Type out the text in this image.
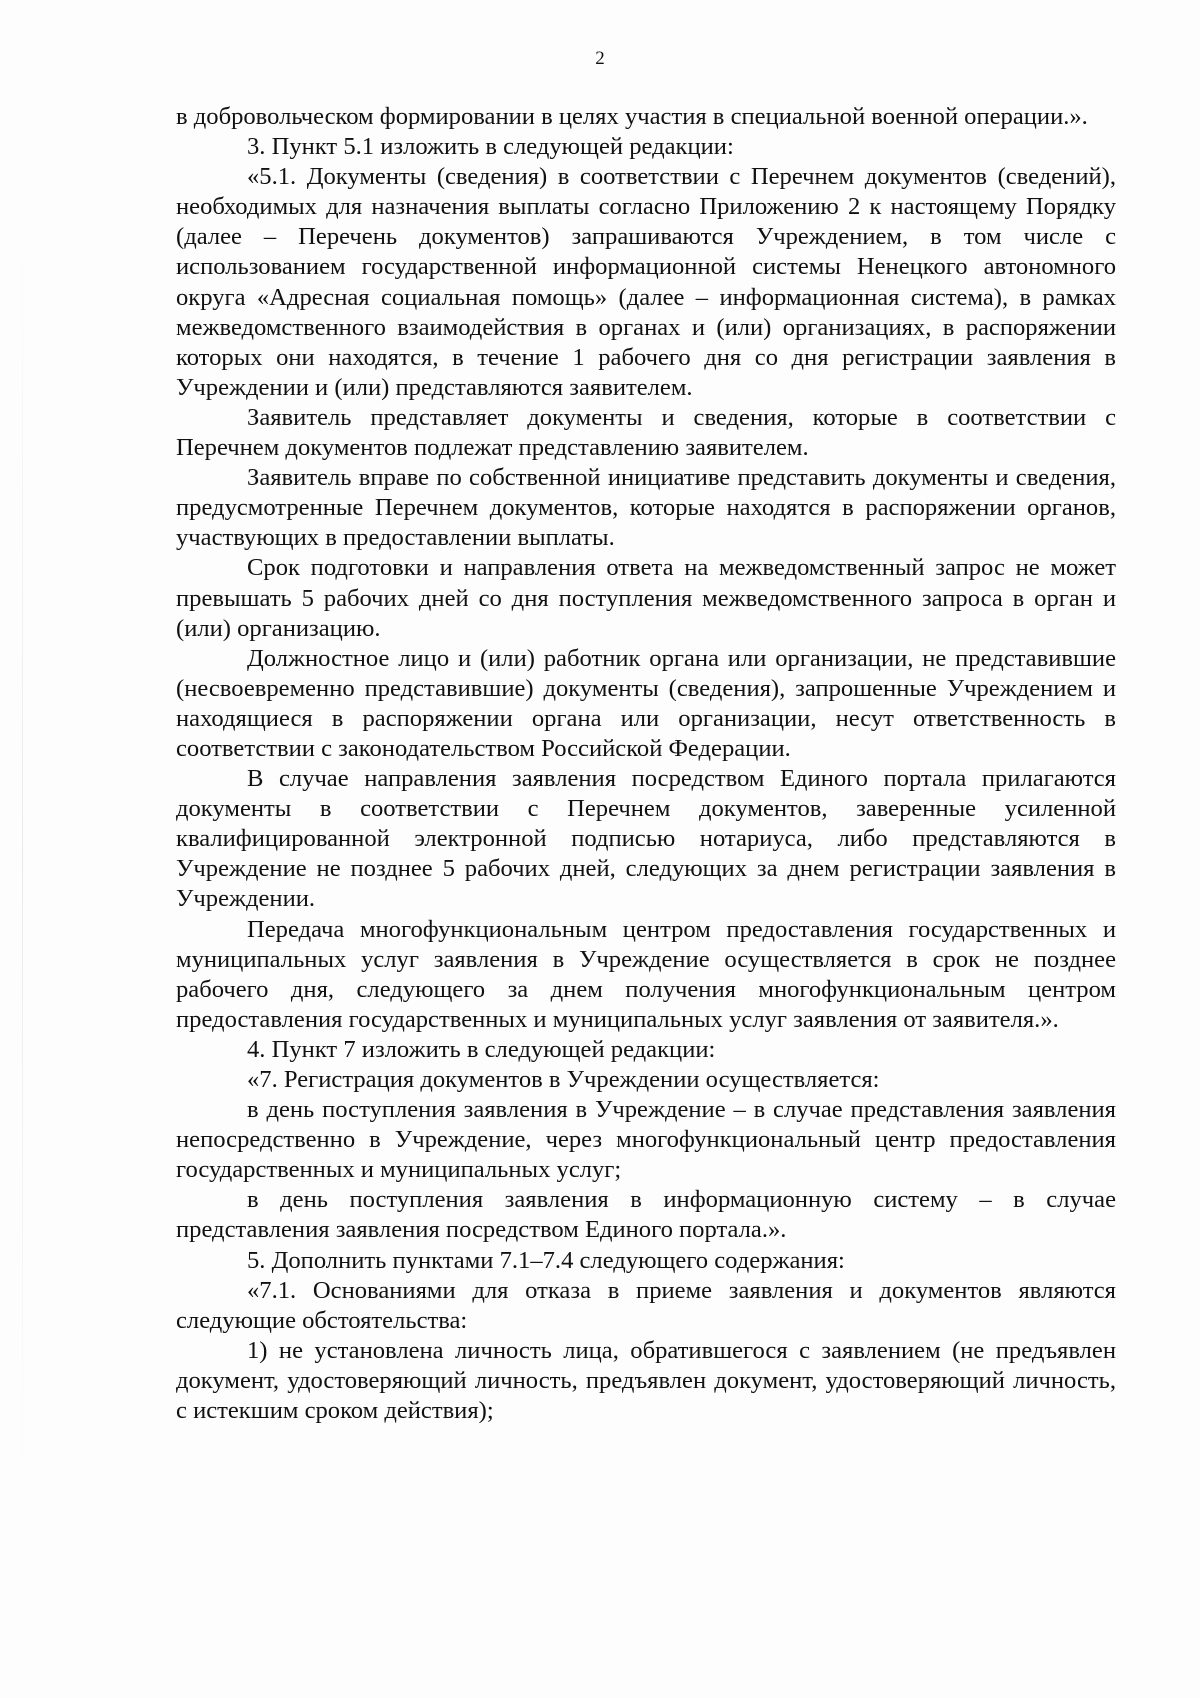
2

в добровольческом формировании в целях участия в специальной военной операции.».

3. Пункт 5.1 изложить в следующей редакции:

«5.1. Документы (сведения) в соответствии с Перечнем документов (сведений), необходимых для назначения выплаты согласно Приложению 2 к настоящему Порядку (далее – Перечень документов) запрашиваются Учреждением, в том числе с использованием государственной информационной системы Ненецкого автономного округа «Адресная социальная помощь» (далее – информационная система), в рамках межведомственного взаимодействия в органах и (или) организациях, в распоряжении которых они находятся, в течение 1 рабочего дня со дня регистрации заявления в Учреждении и (или) представляются заявителем.

Заявитель представляет документы и сведения, которые в соответствии с Перечнем документов подлежат представлению заявителем.

Заявитель вправе по собственной инициативе представить документы и сведения, предусмотренные Перечнем документов, которые находятся в распоряжении органов, участвующих в предоставлении выплаты.

Срок подготовки и направления ответа на межведомственный запрос не может превышать 5 рабочих дней со дня поступления межведомственного запроса в орган и (или) организацию.

Должностное лицо и (или) работник органа или организации, не представившие (несвоевременно представившие) документы (сведения), запрошенные Учреждением и находящиеся в распоряжении органа или организации, несут ответственность в соответствии с законодательством Российской Федерации.

В случае направления заявления посредством Единого портала прилагаются документы в соответствии с Перечнем документов, заверенные усиленной квалифицированной электронной подписью нотариуса, либо представляются в Учреждение не позднее 5 рабочих дней, следующих за днем регистрации заявления в Учреждении.

Передача многофункциональным центром предоставления государственных и муниципальных услуг заявления в Учреждение осуществляется в срок не позднее рабочего дня, следующего за днем получения многофункциональным центром предоставления государственных и муниципальных услуг заявления от заявителя.».

4. Пункт 7 изложить в следующей редакции:

«7. Регистрация документов в Учреждении осуществляется:

в день поступления заявления в Учреждение – в случае представления заявления непосредственно в Учреждение, через многофункциональный центр предоставления государственных и муниципальных услуг;

в день поступления заявления в информационную систему – в случае представления заявления посредством Единого портала.».

5. Дополнить пунктами 7.1–7.4 следующего содержания:

«7.1. Основаниями для отказа в приеме заявления и документов являются следующие обстоятельства:

1) не установлена личность лица, обратившегося с заявлением (не предъявлен документ, удостоверяющий личность, предъявлен документ, удостоверяющий личность, с истекшим сроком действия);
